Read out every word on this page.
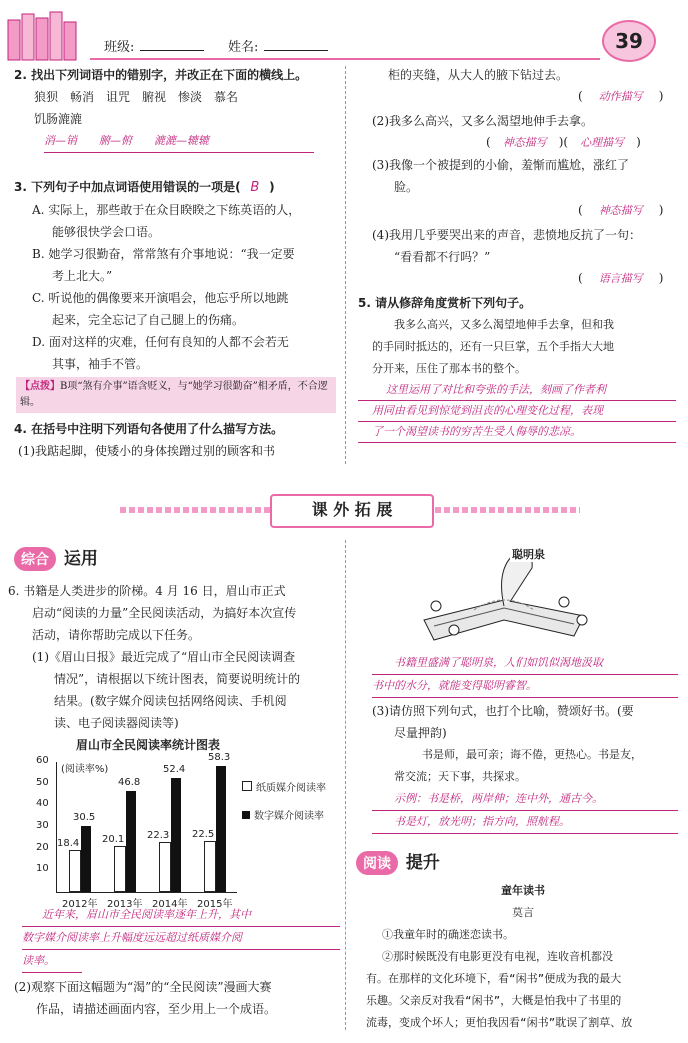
班级:	姓名:	39
2. 找出下列词语中的错别字，并改正在下面的横线上。
狼狈　畅消　诅咒　腑视　惨淡　慕名
饥肠漉漉
消—销　　腑—俯　　漉漉—辘辘
3. 下列句子中加点词语使用错误的一项是( B )
A. 实际上，那些敢于在众目睽睽之下练英语的人，
能够很快学会口语。
B. 她学习很勤奋，常常煞有介事地说：“我一定要
考上北大。”
C. 听说他的偶像要来开演唱会，他忘乎所以地跳
起来，完全忘记了自己腿上的伤痛。
D. 面对这样的灾难，任何有良知的人都不会若无
其事，袖手不管。
【点拨】B项“煞有介事”语含贬义，与“她学习很勤奋”相矛盾，不合逻辑。
4. 在括号中注明下列语句各使用了什么描写方法。
(1)我踮起脚，使矮小的身体挨蹭过别的顾客和书
柜的夹缝，从大人的腋下钻过去。
( 动作描写 )
(2)我多么高兴，又多么渴望地伸手去拿。
( 神态描写 )( 心理描写 )
(3)我像一个被提到的小偷，羞惭而尴尬，涨红了
脸。
( 神态描写 )
(4)我用几乎要哭出来的声音，悲愤地反抗了一句：
“看看都不行吗？”
( 语言描写 )
5. 请从修辞角度赏析下列句子。
我多么高兴，又多么渴望地伸手去拿，但和我
的手同时抵达的，还有一只巨掌，五个手指大大地
分开来，压住了那本书的整个。
这里运用了对比和夸张的手法，刻画了作者利
用同由看见到惊觉到沮丧的心理变化过程，表现
了一个渴望读书的穷苦生受人侮辱的悲凉。
课 外 拓 展
综合 运用
6. 书籍是人类进步的阶梯。4 月 16 日，眉山市正式
启动“阅读的力量”全民阅读活动，为搞好本次宣传
活动，请你帮助完成以下任务。
(1)《眉山日报》最近完成了“眉山市全民阅读调查
情况”，请根据以下统计图表，简要说明统计的
结果。(数字媒介阅读包括网络阅读、手机阅
读、电子阅读器阅读等)
眉山市全民阅读率统计图表
(阅读率%)
18.4
30.5
20.1
46.8
22.3
52.4
22.5
58.3
10
20
30
40
50
60
2012年 2013年 2014年 2015年
纸质媒介阅读率
数字媒介阅读率
近年来，眉山市全民阅读率逐年上升，其中
数字媒介阅读率上升幅度远远超过纸质媒介阅
读率。
(2)观察下面这幅题为“渴”的“全民阅读”漫画大赛
作品，请描述画面内容，至少用上一个成语。
聪明泉
书籍里盛满了聪明泉，人们如饥似渴地汲取
书中的水分，就能变得聪明睿智。
(3)请仿照下列句式，也打个比喻，赞颂好书。(要
尽量押韵)
书是师，最可亲；诲不倦，更热心。书是友，
常交流；天下事，共探求。
示例：书是桥，两岸伸；连中外，通古今。
书是灯，放光明；指方向，照航程。
阅读 提升
童年读书
莫言
①我童年时的确迷恋读书。
②那时候既没有电影更没有电视，连收音机都没
有。在那样的文化环境下，看“闲书”便成为我的最大
乐趣。父亲反对我看“闲书”，大概是怕我中了书里的
流毒，变成个坏人；更怕我因看“闲书”耽误了割草、放
